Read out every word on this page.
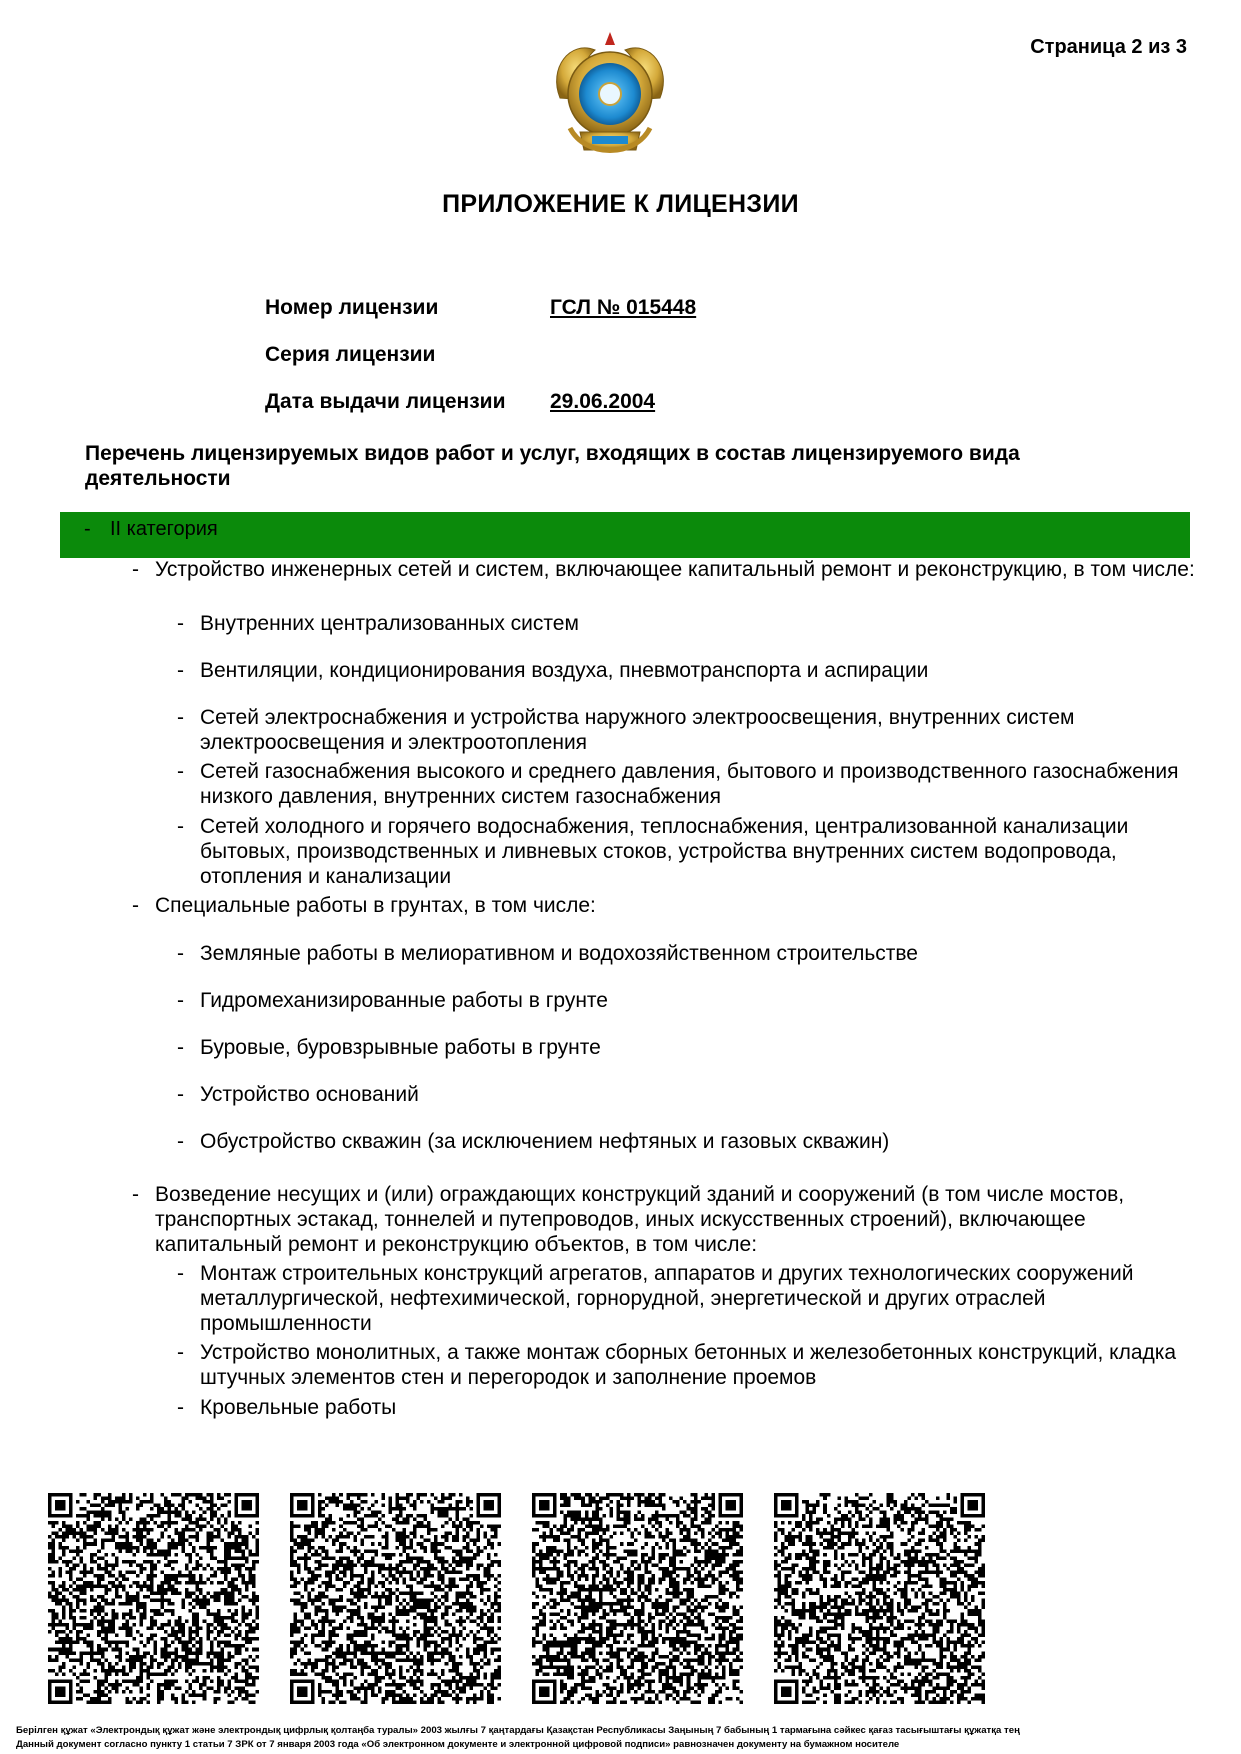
Страница 2 из 3
ПРИЛОЖЕНИЕ К ЛИЦЕНЗИИ
Номер лицензии	ГСЛ № 015448
Серия лицензии
Дата выдачи лицензии	29.06.2004
Перечень лицензируемых видов работ и услуг, входящих в состав лицензируемого вида деятельности
- II категория
- Устройство инженерных сетей и систем, включающее капитальный ремонт и реконструкцию, в том числе:
- Внутренних централизованных систем
- Вентиляции, кондиционирования воздуха, пневмотранспорта и аспирации
- Сетей электроснабжения и устройства наружного электроосвещения, внутренних систем электроосвещения и электроотопления
- Сетей газоснабжения высокого и среднего давления, бытового и производственного газоснабжения низкого давления, внутренних систем газоснабжения
- Сетей холодного и горячего водоснабжения, теплоснабжения, централизованной канализации бытовых, производственных и ливневых стоков, устройства внутренних систем водопровода, отопления и канализации
- Специальные работы в грунтах, в том числе:
- Земляные работы в мелиоративном и водохозяйственном строительстве
- Гидромеханизированные работы в грунте
- Буровые, буровзрывные работы в грунте
- Устройство оснований
- Обустройство скважин (за исключением нефтяных и газовых скважин)
- Возведение несущих и (или) ограждающих конструкций зданий и сооружений (в том числе мостов, транспортных эстакад, тоннелей и путепроводов, иных искусственных строений), включающее капитальный ремонт и реконструкцию объектов, в том числе:
- Монтаж строительных конструкций агрегатов, аппаратов и других технологических сооружений металлургической, нефтехимической, горнорудной, энергетической и других отраслей промышленности
- Устройство монолитных, а также монтаж сборных бетонных и железобетонных конструкций, кладка штучных элементов стен и перегородок и заполнение проемов
- Кровельные работы
Берілген құжат «Электрондық құжат және электрондық цифрлық қолтаңба туралы» 2003 жылғы 7 қаңтардағы Қазақстан Республикасы Заңының 7 бабының 1 тармағына сәйкес қағаз тасығыштағы құжатқа тең
Данный документ согласно пункту 1 статьи 7 ЗРК от 7 января 2003 года «Об электронном документе и электронной цифровой подписи» равнозначен документу на бумажном носителе
